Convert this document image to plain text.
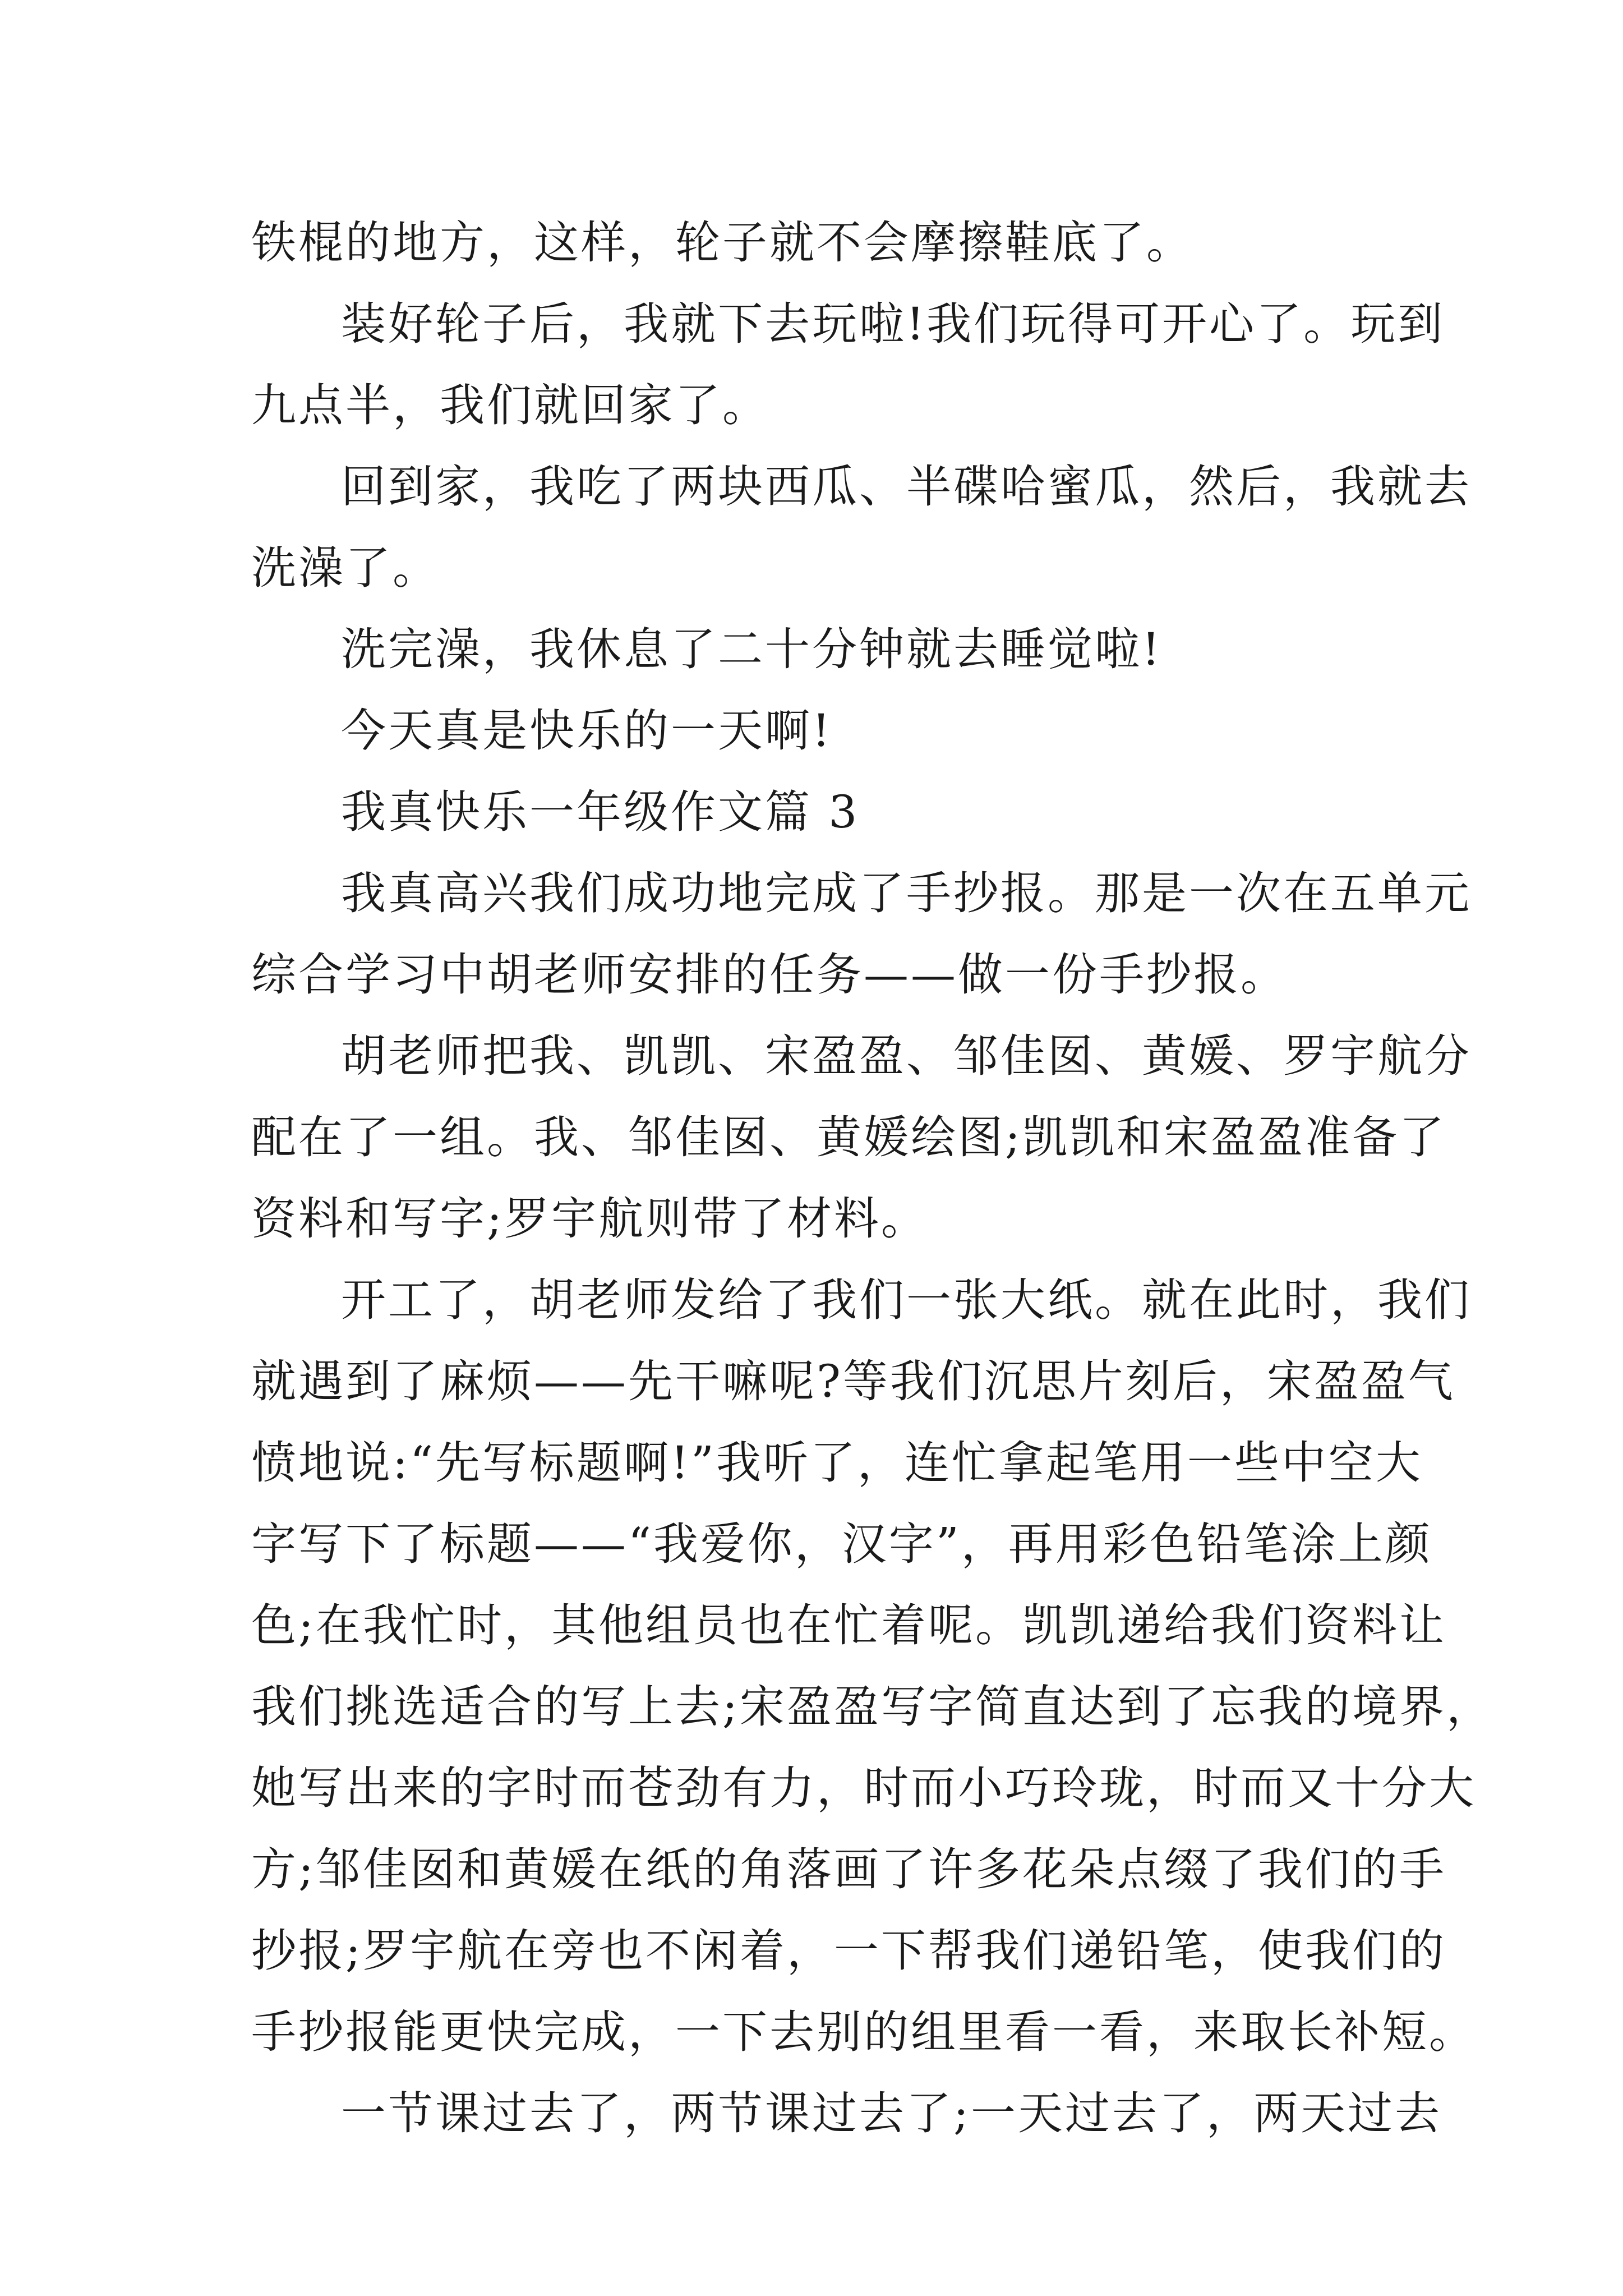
铁棍的地方，这样，轮子就不会摩擦鞋底了。
装好轮子后，我就下去玩啦!我们玩得可开心了。玩到
九点半，我们就回家了。
回到家，我吃了两块西瓜、半碟哈蜜瓜，然后，我就去
洗澡了。
洗完澡，我休息了二十分钟就去睡觉啦!
今天真是快乐的一天啊!
我真快乐一年级作文篇 3
我真高兴我们成功地完成了手抄报。那是一次在五单元
综合学习中胡老师安排的任务——做一份手抄报。
胡老师把我、凯凯、宋盈盈、邹佳囡、黄媛、罗宇航分
配在了一组。我、邹佳囡、黄媛绘图;凯凯和宋盈盈准备了
资料和写字;罗宇航则带了材料。
开工了，胡老师发给了我们一张大纸。就在此时，我们
就遇到了麻烦——先干嘛呢?等我们沉思片刻后，宋盈盈气
愤地说:“先写标题啊!”我听了，连忙拿起笔用一些中空大
字写下了标题——“我爱你，汉字”，再用彩色铅笔涂上颜
色;在我忙时，其他组员也在忙着呢。凯凯递给我们资料让
我们挑选适合的写上去;宋盈盈写字简直达到了忘我的境界，
她写出来的字时而苍劲有力，时而小巧玲珑，时而又十分大
方;邹佳囡和黄媛在纸的角落画了许多花朵点缀了我们的手
抄报;罗宇航在旁也不闲着，一下帮我们递铅笔，使我们的
手抄报能更快完成，一下去别的组里看一看，来取长补短。
一节课过去了，两节课过去了;一天过去了，两天过去
